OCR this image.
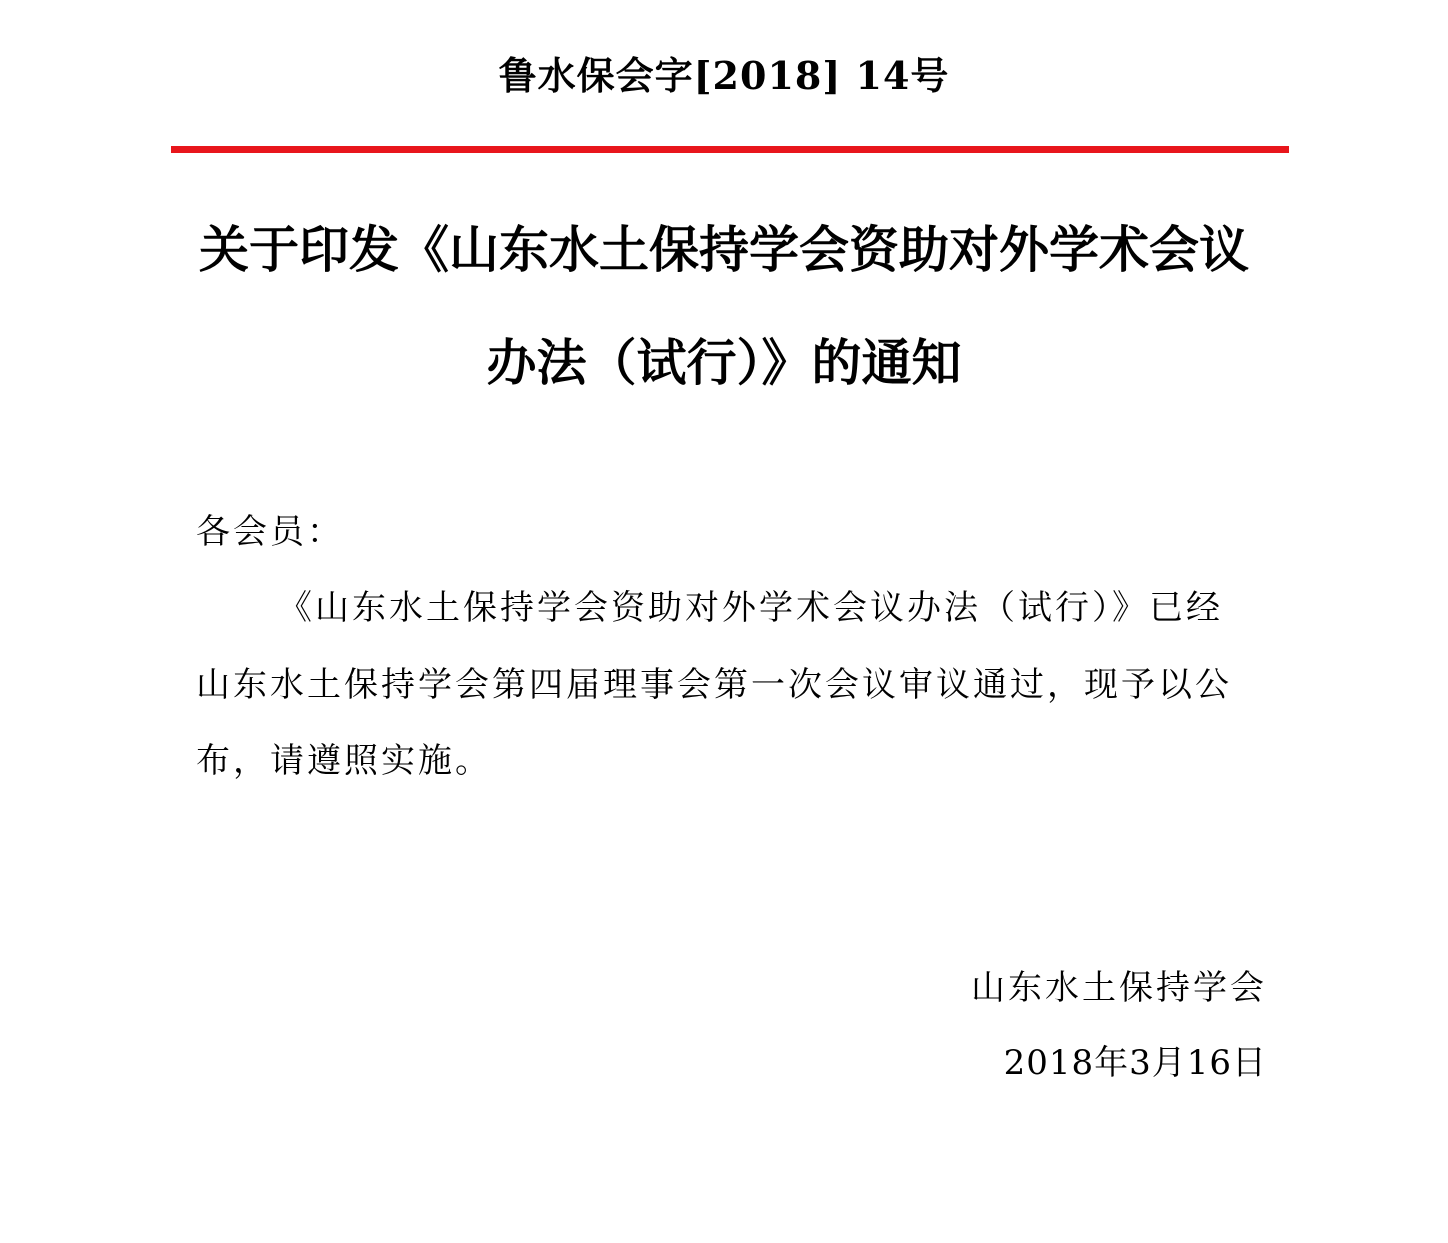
鲁水保会字[2018] 14号
关于印发《山东水土保持学会资助对外学术会议
办法（试行）》的通知
各会员：
《山东水土保持学会资助对外学术会议办法（试行）》已经
山东水土保持学会第四届理事会第一次会议审议通过，现予以公
布，请遵照实施。
山东水土保持学会
2018年3月16日
